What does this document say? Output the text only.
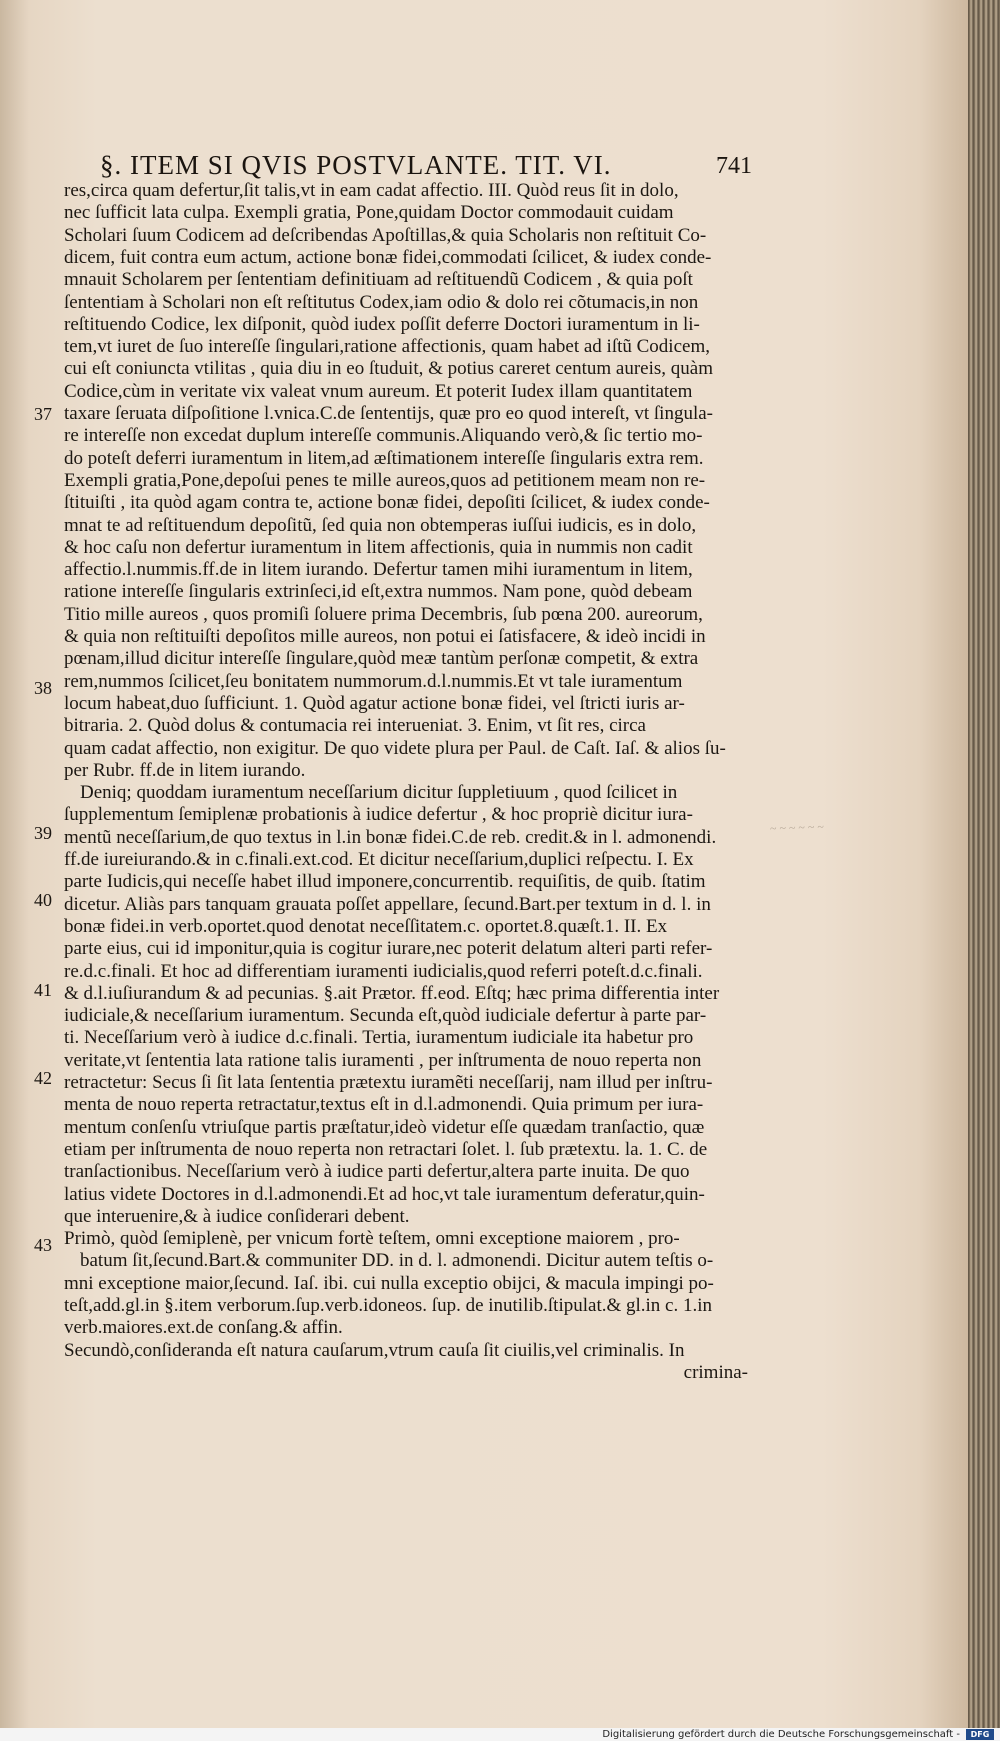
§. ITEM SI QVIS POSTVLANTE. TIT. VI.	741
37
38
39
40
41
42
43
res,circa quam defertur,ſit talis,vt in eam cadat affectio. III. Quòd reus ſit in dolo,
nec ſufficit lata culpa. Exempli gratia, Pone,quidam Doctor commodauit cuidam
Scholari ſuum Codicem ad deſcribendas Apoſtillas,& quia Scholaris non reſtituit Co-
dicem, fuit contra eum actum, actione bonæ fidei,commodati ſcilicet, & iudex conde-
mnauit Scholarem per ſententiam definitiuam ad reſtituendũ Codicem , & quia poſt
ſententiam à Scholari non eſt reſtitutus Codex,iam odio & dolo rei cõtumacis,in non
reſtituendo Codice, lex diſponit, quòd iudex poſſit deferre Doctori iuramentum in li-
tem,vt iuret de ſuo intereſſe ſingulari,ratione affectionis, quam habet ad iſtũ Codicem,
cui eſt coniuncta vtilitas , quia diu in eo ſtuduit, & potius careret centum aureis, quàm
Codice,cùm in veritate vix valeat vnum aureum. Et poterit Iudex illam quantitatem
taxare ſeruata diſpoſitione l.vnica.C.de ſententijs, quæ pro eo quod intereſt, vt ſingula-
re intereſſe non excedat duplum intereſſe communis.Aliquando verò,& ſic tertio mo-
do poteſt deferri iuramentum in litem,ad æſtimationem intereſſe ſingularis extra rem.
Exempli gratia,Pone,depoſui penes te mille aureos,quos ad petitionem meam non re-
ſtituiſti , ita quòd agam contra te, actione bonæ fidei, depoſiti ſcilicet, & iudex conde-
mnat te ad reſtituendum depoſitũ, ſed quia non obtemperas iuſſui iudicis, es in dolo,
& hoc caſu non defertur iuramentum in litem affectionis, quia in nummis non cadit
affectio.l.nummis.ff.de in litem iurando. Defertur tamen mihi iuramentum in litem,
ratione intereſſe ſingularis extrinſeci,id eſt,extra nummos. Nam pone, quòd debeam
Titio mille aureos , quos promiſi ſoluere prima Decembris, ſub pœna 200. aureorum,
& quia non reſtituiſti depoſitos mille aureos, non potui ei ſatisfacere, & ideò incidi in
pœnam,illud dicitur intereſſe ſingulare,quòd meæ tantùm perſonæ competit, & extra
rem,nummos ſcilicet,ſeu bonitatem nummorum.d.l.nummis.Et vt tale iuramentum
locum habeat,duo ſufficiunt. 1. Quòd agatur actione bonæ fidei, vel ſtricti iuris ar-
bitraria. 2. Quòd dolus & contumacia rei interueniat. 3. Enim, vt ſit res, circa
quam cadat affectio, non exigitur. De quo videte plura per Paul. de Caſt. Iaſ. & alios ſu-
per Rubr. ff.de in litem iurando.
Deniq; quoddam iuramentum neceſſarium dicitur ſuppletiuum , quod ſcilicet in
ſupplementum ſemiplenæ probationis à iudice defertur , & hoc propriè dicitur iura-
mentũ neceſſarium,de quo textus in l.in bonæ fidei.C.de reb. credit.& in l. admonendi.
ff.de iureiurando.& in c.finali.ext.cod. Et dicitur neceſſarium,duplici reſpectu. I. Ex
parte Iudicis,qui neceſſe habet illud imponere,concurrentib. requiſitis, de quib. ſtatim
dicetur. Aliàs pars tanquam grauata poſſet appellare, ſecund.Bart.per textum in d. l. in
bonæ fidei.in verb.oportet.quod denotat neceſſitatem.c. oportet.8.quæſt.1. II. Ex
parte eius, cui id imponitur,quia is cogitur iurare,nec poterit delatum alteri parti refer-
re.d.c.finali. Et hoc ad differentiam iuramenti iudicialis,quod referri poteſt.d.c.finali.
& d.l.iuſiurandum & ad pecunias. §.ait Prætor. ff.eod. Eſtq; hæc prima differentia inter
iudiciale,& neceſſarium iuramentum. Secunda eſt,quòd iudiciale defertur à parte par-
ti. Neceſſarium verò à iudice d.c.finali. Tertia, iuramentum iudiciale ita habetur pro
veritate,vt ſententia lata ratione talis iuramenti , per inſtrumenta de nouo reperta non
retractetur: Secus ſi ſit lata ſententia prætextu iuramẽti neceſſarij, nam illud per inſtru-
menta de nouo reperta retractatur,textus eſt in d.l.admonendi. Quia primum per iura-
mentum conſenſu vtriuſque partis præſtatur,ideò videtur eſſe quædam tranſactio, quæ
etiam per inſtrumenta de nouo reperta non retractari ſolet. l. ſub prætextu. la. 1. C. de
tranſactionibus. Neceſſarium verò à iudice parti defertur,altera parte inuita. De quo
latius videte Doctores in d.l.admonendi.Et ad hoc,vt tale iuramentum deferatur,quin-
que interuenire,& à iudice conſiderari debent.
Primò, quòd ſemiplenè, per vnicum fortè teſtem, omni exceptione maiorem , pro-
batum ſit,ſecund.Bart.& communiter DD. in d. l. admonendi. Dicitur autem teſtis o-
mni exceptione maior,ſecund. Iaſ. ibi. cui nulla exceptio obijci, & macula impingi po-
teſt,add.gl.in §.item verborum.ſup.verb.idoneos. ſup. de inutilib.ſtipulat.& gl.in c. 1.in
verb.maiores.ext.de conſang.& affin.
Secundò,conſideranda eſt natura cauſarum,vtrum cauſa ſit ciuilis,vel criminalis. In
crimina-
~ ~ ~ ~ ~ ~
Digitalisierung gefördert durch die Deutsche Forschungsgemeinschaft -	DFG
